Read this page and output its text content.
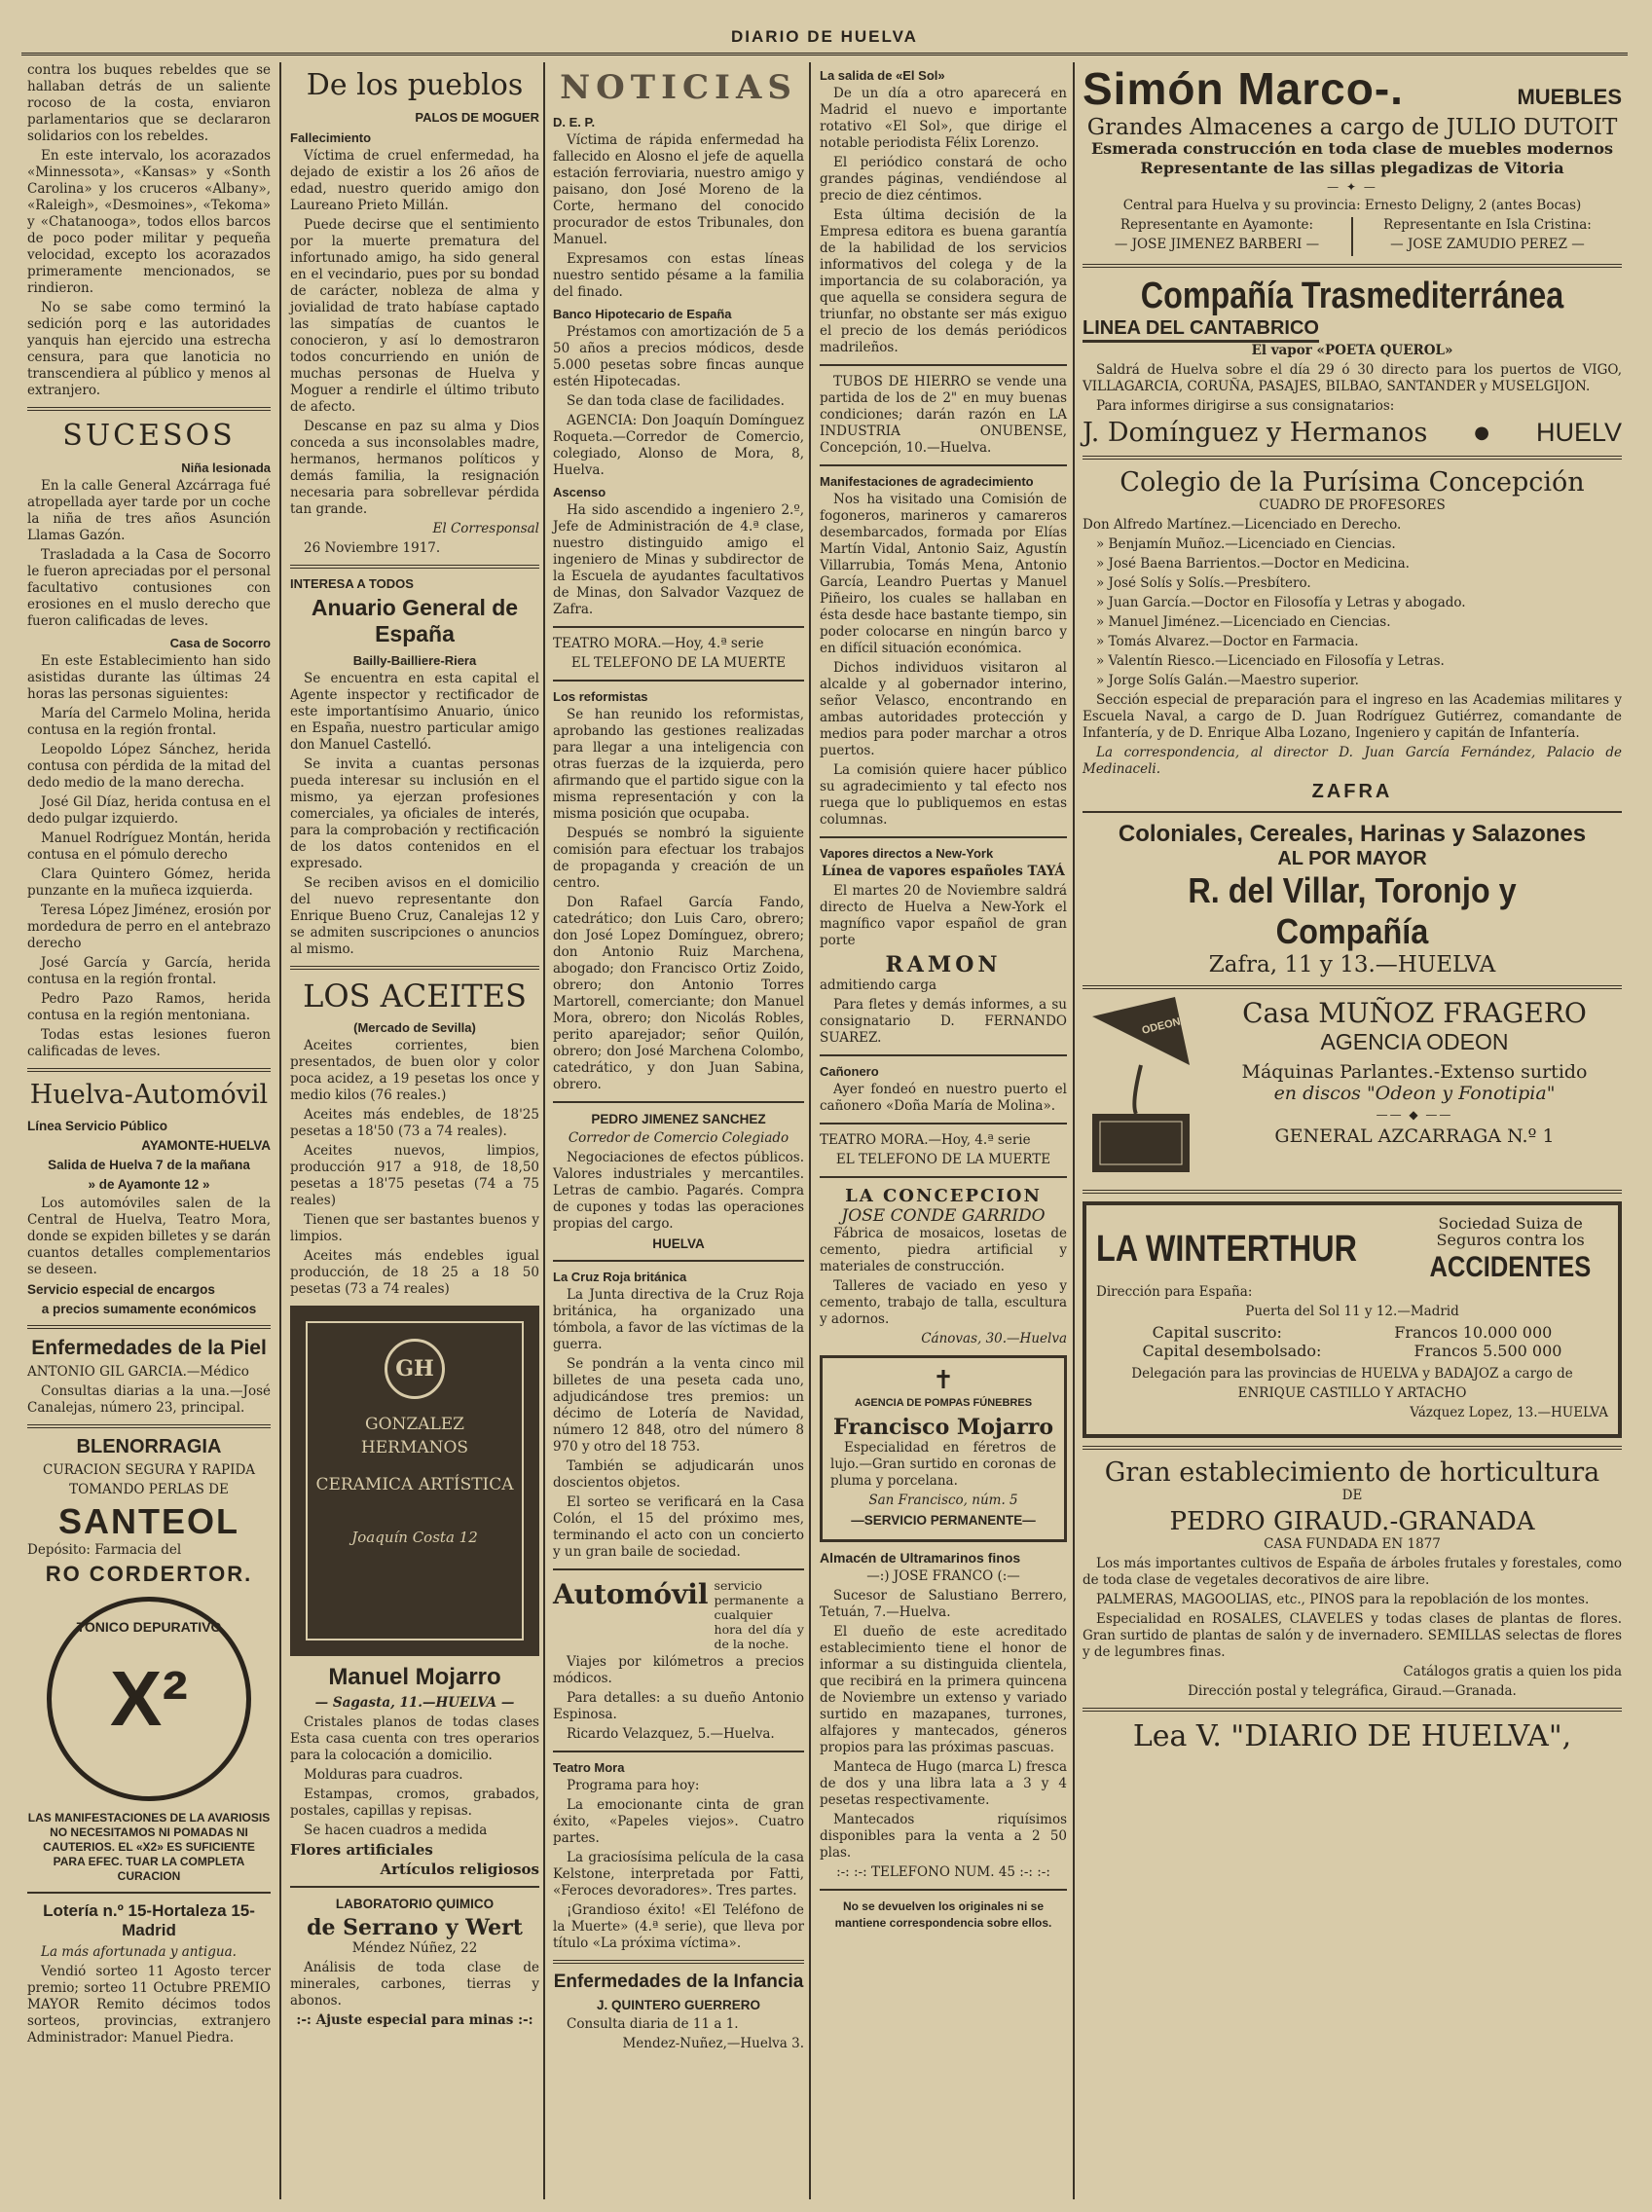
DIARIO DE HUELVA

contra los buques rebeldes que se hallaban detrás de un saliente rocoso de la costa, enviaron parlamentarios que se declararon solidarios con los rebeldes.

En este intervalo, los acorazados «Minnessota», «Kansas» y «Sonth Carolina» y los cruceros «Albany», «Raleigh», «Desmoines», «Tekoma» y «Chatanooga», todos ellos barcos de poco poder militar y pequeña velocidad, excepto los acorazados primeramente mencionados, se rindieron.

No se sabe como terminó la sedición porq e las autoridades yanquis han ejercido una estrecha censura, para que lanoticia no transcendiera al público y menos al extranjero.

SUCESOS
Niña lesionada

En la calle General Azcárraga fué atropellada ayer tarde por un coche la niña de tres años Asunción Llamas Gazón.

Trasladada a la Casa de Socorro le fueron apreciadas por el personal facultativo contusiones con erosiones en el muslo derecho que fueron calificadas de leves.

Casa de Socorro

En este Establecimiento han sido asistidas durante las últimas 24 horas las personas siguientes:

María del Carmelo Molina, herida contusa en la región frontal.

Leopoldo López Sánchez, herida contusa con pérdida de la mitad del dedo medio de la mano derecha.

José Gil Díaz, herida contusa en el dedo pulgar izquierdo.

Manuel Rodríguez Montán, herida contusa en el pómulo derecho

Clara Quintero Gómez, herida punzante en la muñeca izquierda.

Teresa López Jiménez, erosión por mordedura de perro en el antebrazo derecho

José García y García, herida contusa en la región frontal.

Pedro Pazo Ramos, herida contusa en la región mentoniana.

Todas estas lesiones fueron calificadas de leves.

Huelva-Automóvil

Línea Servicio Público

AYAMONTE-HUELVA

Salida de Huelva 7 de la mañana

» de Ayamonte 12 »

Los automóviles salen de la Central de Huelva, Teatro Mora, donde se expiden billetes y se darán cuantos detalles complementarios se deseen.

Servicio especial de encargos

a precios sumamente económicos

Enfermedades de la Piel

ANTONIO GIL GARCIA.—Médico

Consultas diarias a la una.—José Canalejas, número 23, principal.

BLENORRAGIA

CURACION SEGURA Y RAPIDA

TOMANDO PERLAS DE

SANTEOL

Depósito: Farmacia del

RO CORDERTOR.
TONICO DEPURATIVO
X²

LAS MANIFESTACIONES DE LA AVARIOSIS NO NECESITAMOS NI POMADAS NI CAUTERIOS. EL «X2» ES SUFICIENTE PARA EFEC. TUAR LA COMPLETA CURACION

Lotería n.º 15-Hortaleza 15-Madrid

La más afortunada y antigua.

Vendió sorteo 11 Agosto tercer premio; sorteo 11 Octubre PREMIO MAYOR Remito décimos todos sorteos, provincias, extranjero Administrador: Manuel Piedra.

De los pueblos
PALOS DE MOGUER
Fallecimiento

Víctima de cruel enfermedad, ha dejado de existir a los 26 años de edad, nuestro querido amigo don Laureano Prieto Millán.

Puede decirse que el sentimiento por la muerte prematura del infortunado amigo, ha sido general en el vecindario, pues por su bondad de carácter, nobleza de alma y jovialidad de trato habíase captado las simpatías de cuantos le conocieron, y así lo demostraron todos concurriendo en unión de muchas personas de Huelva y Moguer a rendirle el último tributo de afecto.

Descanse en paz su alma y Dios conceda a sus inconsolables madre, hermanos, hermanos políticos y demás familia, la resignación necesaria para sobrellevar pérdida tan grande.

El Corresponsal

26 Noviembre 1917.

INTERESA A TODOS
Anuario General de España
Bailly-Bailliere-Riera

Se encuentra en esta capital el Agente inspector y rectificador de este importantísimo Anuario, único en España, nuestro particular amigo don Manuel Castelló.

Se invita a cuantas personas pueda interesar su inclusión en el mismo, ya ejerzan profesiones comerciales, ya oficiales de interés, para la comprobación y rectificación de los datos contenidos en el expresado.

Se reciben avisos en el domicilio del nuevo representante don Enrique Bueno Cruz, Canalejas 12 y se admiten suscripciones o anuncios al mismo.

LOS ACEITES
(Mercado de Sevilla)

Aceites corrientes, bien presentados, de buen olor y color poca acidez, a 19 pesetas los once y medio kilos (76 reales.)

Aceites más endebles, de 18'25 pesetas a 18'50 (73 a 74 reales).

Aceites nuevos, limpios, producción 917 a 918, de 18,50 pesetas a 18'75 pesetas (74 a 75 reales)

Tienen que ser bastantes buenos y limpios.

Aceites más endebles igual producción, de 18 25 a 18 50 pesetas (73 a 74 reales)

GH
GONZALEZ HERMANOS
CERAMICA ARTÍSTICA
Joaquín Costa 12
Manuel Mojarro

— Sagasta, 11.—HUELVA —

Cristales planos de todas clases Esta casa cuenta con tres operarios para la colocación a domicilio.

Molduras para cuadros.

Estampas, cromos, grabados, postales, capillas y repisas.

Se hacen cuadros a medida

Flores artificiales

Artículos religiosos

LABORATORIO QUIMICO

de Serrano y Wert

Méndez Núñez, 22

Análisis de toda clase de minerales, carbones, tierras y abonos.

:-: Ajuste especial para minas :-:

NOTICIAS
D. E. P.

Víctima de rápida enfermedad ha fallecido en Alosno el jefe de aquella estación ferroviaria, nuestro amigo y paisano, don José Moreno de la Corte, hermano del conocido procurador de estos Tribunales, don Manuel.

Expresamos con estas líneas nuestro sentido pésame a la familia del finado.

Banco Hipotecario de España

Préstamos con amortización de 5 a 50 años a precios módicos, desde 5.000 pesetas sobre fincas aunque estén Hipotecadas.

Se dan toda clase de facilidades.

AGENCIA: Don Joaquín Domínguez Roqueta.—Corredor de Comercio, colegiado, Alonso de Mora, 8, Huelva.

Ascenso

Ha sido ascendido a ingeniero 2.º, Jefe de Administración de 4.ª clase, nuestro distinguido amigo el ingeniero de Minas y subdirector de la Escuela de ayudantes facultativos de Minas, don Salvador Vazquez de Zafra.

TEATRO MORA.—Hoy, 4.ª serie

EL TELEFONO DE LA MUERTE

Los reformistas

Se han reunido los reformistas, aprobando las gestiones realizadas para llegar a una inteligencia con otras fuerzas de la izquierda, pero afirmando que el partido sigue con la misma representación y con la misma posición que ocupaba.

Después se nombró la siguiente comisión para efectuar los trabajos de propaganda y creación de un centro.

Don Rafael García Fando, catedrático; don Luis Caro, obrero; don José Lopez Domínguez, obrero; don Antonio Ruiz Marchena, abogado; don Francisco Ortiz Zoido, obrero; don Antonio Torres Martorell, comerciante; don Manuel Mora, obrero; don Nicolás Robles, perito aparejador; señor Quilón, obrero; don José Marchena Colombo, catedrático, y don Juan Sabina, obrero.

PEDRO JIMENEZ SANCHEZ

Corredor de Comercio Colegiado

Negociaciones de efectos públicos. Valores industriales y mercantiles. Letras de cambio. Pagarés. Compra de cupones y todas las operaciones propias del cargo.

HUELVA

La Cruz Roja británica

La Junta directiva de la Cruz Roja británica, ha organizado una tómbola, a favor de las víctimas de la guerra.

Se pondrán a la venta cinco mil billetes de una peseta cada uno, adjudicándose tres premios: un décimo de Lotería de Navidad, número 12 848, otro del número 8 970 y otro del 18 753.

También se adjudicarán unos doscientos objetos.

El sorteo se verificará en la Casa Colón, el 15 del próximo mes, terminando el acto con un concierto y un gran baile de sociedad.

Automóvil servicio permanente a cualquier hora del día y de la noche.

Viajes por kilómetros a precios módicos.

Para detalles: a su dueño Antonio Espinosa.

Ricardo Velazquez, 5.—Huelva.

Teatro Mora

Programa para hoy:

La emocionante cinta de gran éxito, «Papeles viejos». Cuatro partes.

La graciosísima película de la casa Kelstone, interpretada por Fatti, «Feroces devoradores». Tres partes.

¡Grandioso éxito! «El Teléfono de la Muerte» (4.ª serie), que lleva por título «La próxima víctima».

Enfermedades de la Infancia

J. QUINTERO GUERRERO

Consulta diaria de 11 a 1.

Mendez-Nuñez,—Huelva 3.

La salida de «El Sol»

De un día a otro aparecerá en Madrid el nuevo e importante rotativo «El Sol», que dirige el notable periodista Félix Lorenzo.

El periódico constará de ocho grandes páginas, vendiéndose al precio de diez céntimos.

Esta última decisión de la Empresa editora es buena garantía de la habilidad de los servicios informativos del colega y de la importancia de su colaboración, ya que aquella se considera segura de triunfar, no obstante ser más exiguo el precio de los demás periódicos madrileños.

TUBOS DE HIERRO se vende una partida de los de 2" en muy buenas condiciones; darán razón en LA INDUSTRIA ONUBENSE, Concepción, 10.—Huelva.

Manifestaciones de agradecimiento

Nos ha visitado una Comisión de fogoneros, marineros y camareros desembarcados, formada por Elías Martín Vidal, Antonio Saiz, Agustín Villarrubia, Tomás Mena, Antonio García, Leandro Puertas y Manuel Piñeiro, los cuales se hallaban en ésta desde hace bastante tiempo, sin poder colocarse en ningún barco y en difícil situación económica.

Dichos individuos visitaron al alcalde y al gobernador interino, señor Velasco, encontrando en ambas autoridades protección y medios para poder marchar a otros puertos.

La comisión quiere hacer público su agradecimiento y tal efecto nos ruega que lo publiquemos en estas columnas.

Vapores directos a New-York

Línea de vapores españoles TAYÁ

El martes 20 de Noviembre saldrá directo de Huelva a New-York el magnífico vapor español de gran porte

RAMON

admitiendo carga

Para fletes y demás informes, a su consignatario D. FERNANDO SUAREZ.

Cañonero

Ayer fondeó en nuestro puerto el cañonero «Doña María de Molina».

TEATRO MORA.—Hoy, 4.ª serie

EL TELEFONO DE LA MUERTE

LA CONCEPCION
JOSE CONDE GARRIDO

Fábrica de mosaicos, losetas de cemento, piedra artificial y materiales de construcción.

Talleres de vaciado en yeso y cemento, trabajo de talla, escultura y adornos.

Cánovas, 30.—Huelva

✝

AGENCIA DE POMPAS FÚNEBRES

Francisco Mojarro

Especialidad en féretros de lujo.—Gran surtido en coronas de pluma y porcelana.

San Francisco, núm. 5

—SERVICIO PERMANENTE—

Almacén de Ultramarinos finos

—:) JOSE FRANCO (:—

Sucesor de Salustiano Berrero, Tetuán, 7.—Huelva.

El dueño de este acreditado establecimiento tiene el honor de informar a su distinguida clientela, que recibirá en la primera quincena de Noviembre un extenso y variado surtido en mazapanes, turrones, alfajores y mantecados, géneros propios para las próximas pascuas.

Manteca de Hugo (marca L) fresca de dos y una libra lata a 3 y 4 pesetas respectivamente.

Mantecados riquísimos disponibles para la venta a 2 50 plas.

:-: :-: TELEFONO NUM. 45 :-: :-:

No se devuelven los originales ni se mantiene correspondencia sobre ellos.

Simón Marco-.	MUEBLES
Grandes Almacenes a cargo de JULIO DUTOIT

Esmerada construcción en toda clase de muebles modernos

Representante de las sillas plegadizas de Vitoria

— ✦ —

Central para Huelva y su provincia: Ernesto Deligny, 2 (antes Bocas)

Representante en Ayamonte:

— JOSE JIMENEZ BARBERI —

Representante en Isla Cristina:

— JOSE ZAMUDIO PEREZ —

Compañía Trasmediterránea
LINEA DEL CANTABRICO

El vapor «POETA QUEROL»

Saldrá de Huelva sobre el día 29 ó 30 directo para los puertos de VIGO, VILLAGARCIA, CORUÑA, PASAJES, BILBAO, SANTANDER y MUSELGIJON.

Para informes dirigirse a sus consignatarios:

J. Domínguez y Hermanos	● HUELV
Colegio de la Purísima Concepción

CUADRO DE PROFESORES

Don Alfredo Martínez.—Licenciado en Derecho.

» Benjamín Muñoz.—Licenciado en Ciencias.

» José Baena Barrientos.—Doctor en Medicina.

» José Solís y Solís.—Presbítero.

» Juan García.—Doctor en Filosofía y Letras y abogado.

» Manuel Jiménez.—Licenciado en Ciencias.

» Tomás Alvarez.—Doctor en Farmacia.

» Valentín Riesco.—Licenciado en Filosofía y Letras.

» Jorge Solís Galán.—Maestro superior.

Sección especial de preparación para el ingreso en las Academias militares y Escuela Naval, a cargo de D. Juan Rodríguez Gutiérrez, comandante de Infantería, y de D. Enrique Alba Lozano, Ingeniero y capitán de Infantería.

La correspondencia, al director D. Juan García Fernández, Palacio de Medinaceli.

ZAFRA
Coloniales, Cereales, Harinas y Salazones
AL POR MAYOR
R. del Villar, Toronjo y Compañía
Zafra, 11 y 13.—HUELVA
ODEON	Casa MUÑOZ FRAGERO
AGENCIA ODEON
Máquinas Parlantes.-Extenso surtido
en discos "Odeon y Fonotipia"
—— ◆ ——
GENERAL AZCARRAGA N.º 1
LA WINTERTHUR

Sociedad Suiza de Seguros contra los

ACCIDENTES

Dirección para España:

Puerta del Sol 11 y 12.—Madrid

Capital suscrito:	Francos 10.000 000
Capital desembolsado:	Francos 5.500 000

Delegación para las provincias de HUELVA y BADAJOZ a cargo de

ENRIQUE CASTILLO Y ARTACHO

Vázquez Lopez, 13.—HUELVA

Gran establecimiento de horticultura

DE

PEDRO GIRAUD.-GRANADA

CASA FUNDADA EN 1877

Los más importantes cultivos de España de árboles frutales y forestales, como de toda clase de vegetales decorativos de aire libre.

PALMERAS, MAGOOLIAS, etc., PINOS para la repoblación de los montes.

Especialidad en ROSALES, CLAVELES y todas clases de plantas de flores. Gran surtido de plantas de salón y de invernadero. SEMILLAS selectas de flores y de legumbres finas.

Catálogos gratis a quien los pida

Dirección postal y telegráfica, Giraud.—Granada.

Lea V. "DIARIO DE HUELVA",
